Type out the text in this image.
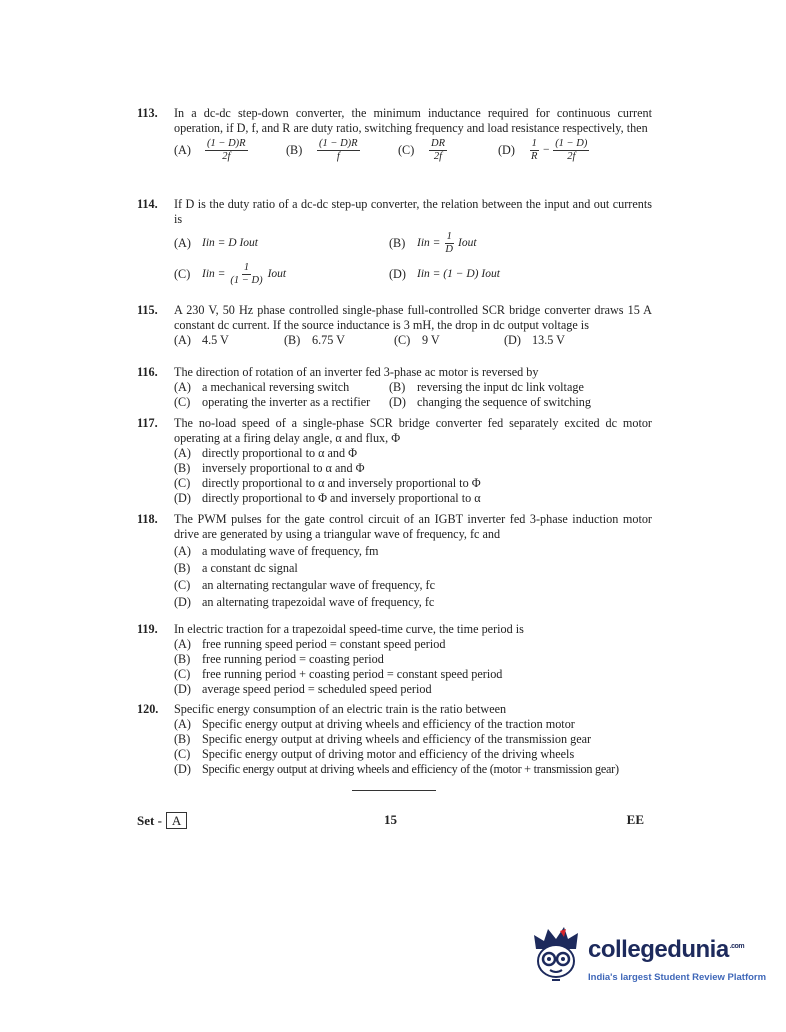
113.	In a dc-dc step-down converter, the minimum inductance required for continuous current operation, if D, f, and R are duty ratio, switching frequency and load resistance respectively, then
(A)	$\frac{(1 - D)R}{2f}$	(B)	$\frac{(1 - D)R}{f}$	(C)	$\frac{DR}{2f}$	(D)	$\frac{1}{R} - \frac{(1 - D)}{2f}$
114.	If D is the duty ratio of a dc-dc step-up converter, the relation between the input and out currents is
(A) Iin = D Iout	(B)	Iin = $\frac{1}{D}$ Iout
(C)	Iin = $\frac{1}{(1 - D)}$ Iout	(D) Iin = (1 − D) Iout
115.	A 230 V, 50 Hz phase controlled single-phase full-controlled SCR bridge converter draws 15 A constant dc current. If the source inductance is 3 mH, the drop in dc output voltage is
(A) 4.5 V	(B) 6.75 V	(C) 9 V	(D) 13.5 V
116.	The direction of rotation of an inverter fed 3-phase ac motor is reversed by
(A) a mechanical reversing switch	(B) reversing the input dc link voltage
(C) operating the inverter as a rectifier (D) changing the sequence of switching
117.	The no-load speed of a single-phase SCR bridge converter fed separately excited dc motor operating at a firing delay angle, α and flux, Φ
(A) directly proportional to α and Φ
(B) inversely proportional to α and Φ
(C) directly proportional to α and inversely proportional to Φ
(D) directly proportional to Φ and inversely proportional to α
118.	The PWM pulses for the gate control circuit of an IGBT inverter fed 3-phase induction motor drive are generated by using a triangular wave of frequency, fc and
(A) a modulating wave of frequency, fm
(B) a constant dc signal
(C) an alternating rectangular wave of frequency, fc
(D) an alternating trapezoidal wave of frequency, fc
119.	In electric traction for a trapezoidal speed-time curve, the time period is
(A) free running speed period = constant speed period
(B) free running period = coasting period
(C) free running period + coasting period = constant speed period
(D) average speed period = scheduled speed period
120.	Specific energy consumption of an electric train is the ratio between
(A) Specific energy output at driving wheels and efficiency of the traction motor
(B) Specific energy output at driving wheels and efficiency of the transmission gear
(C) Specific energy output of driving motor and efficiency of the driving wheels
(D) Specific energy output at driving wheels and efficiency of the (motor + transmission gear)
Set - A	15	EE
collegedunia$^{.com}$
India's largest Student Review Platform
